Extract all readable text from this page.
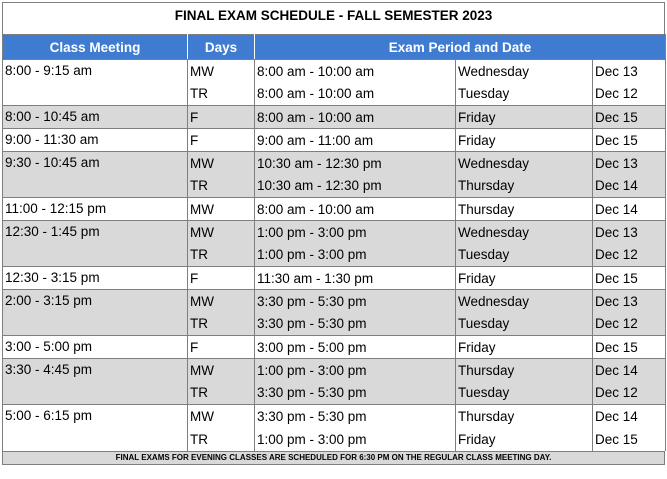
FINAL EXAM SCHEDULE - FALL SEMESTER 2023
Class Meeting	Days	Exam Period and Date		
8:00 - 9:15 am	MW	8:00 am - 10:00 am	Wednesday	Dec 13
	TR	8:00 am - 10:00 am	Tuesday	Dec 12
8:00 - 10:45 am	F	8:00 am - 10:00 am	Friday	Dec 15
9:00 - 11:30 am	F	9:00 am - 11:00 am	Friday	Dec 15
9:30 - 10:45 am	MW	10:30 am - 12:30 pm	Wednesday	Dec 13
	TR	10:30 am - 12:30 pm	Thursday	Dec 14
11:00 - 12:15 pm	MW	8:00 am - 10:00 am	Thursday	Dec 14
12:30 - 1:45 pm	MW	1:00 pm - 3:00 pm	Wednesday	Dec 13
	TR	1:00 pm - 3:00 pm	Tuesday	Dec 12
12:30 - 3:15 pm	F	11:30 am - 1:30 pm	Friday	Dec 15
2:00 - 3:15 pm	MW	3:30 pm - 5:30 pm	Wednesday	Dec 13
	TR	3:30 pm - 5:30 pm	Tuesday	Dec 12
3:00 - 5:00 pm	F	3:00 pm - 5:00 pm	Friday	Dec 15
3:30 - 4:45 pm	MW	1:00 pm - 3:00 pm	Thursday	Dec 14
	TR	3:30 pm - 5:30 pm	Tuesday	Dec 12
5:00 - 6:15 pm	MW	3:30 pm - 5:30 pm	Thursday	Dec 14
	TR	1:00 pm - 3:00 pm	Friday	Dec 15
FINAL EXAMS FOR EVENING CLASSES ARE SCHEDULED FOR 6:30 PM ON THE REGULAR CLASS MEETING DAY.
